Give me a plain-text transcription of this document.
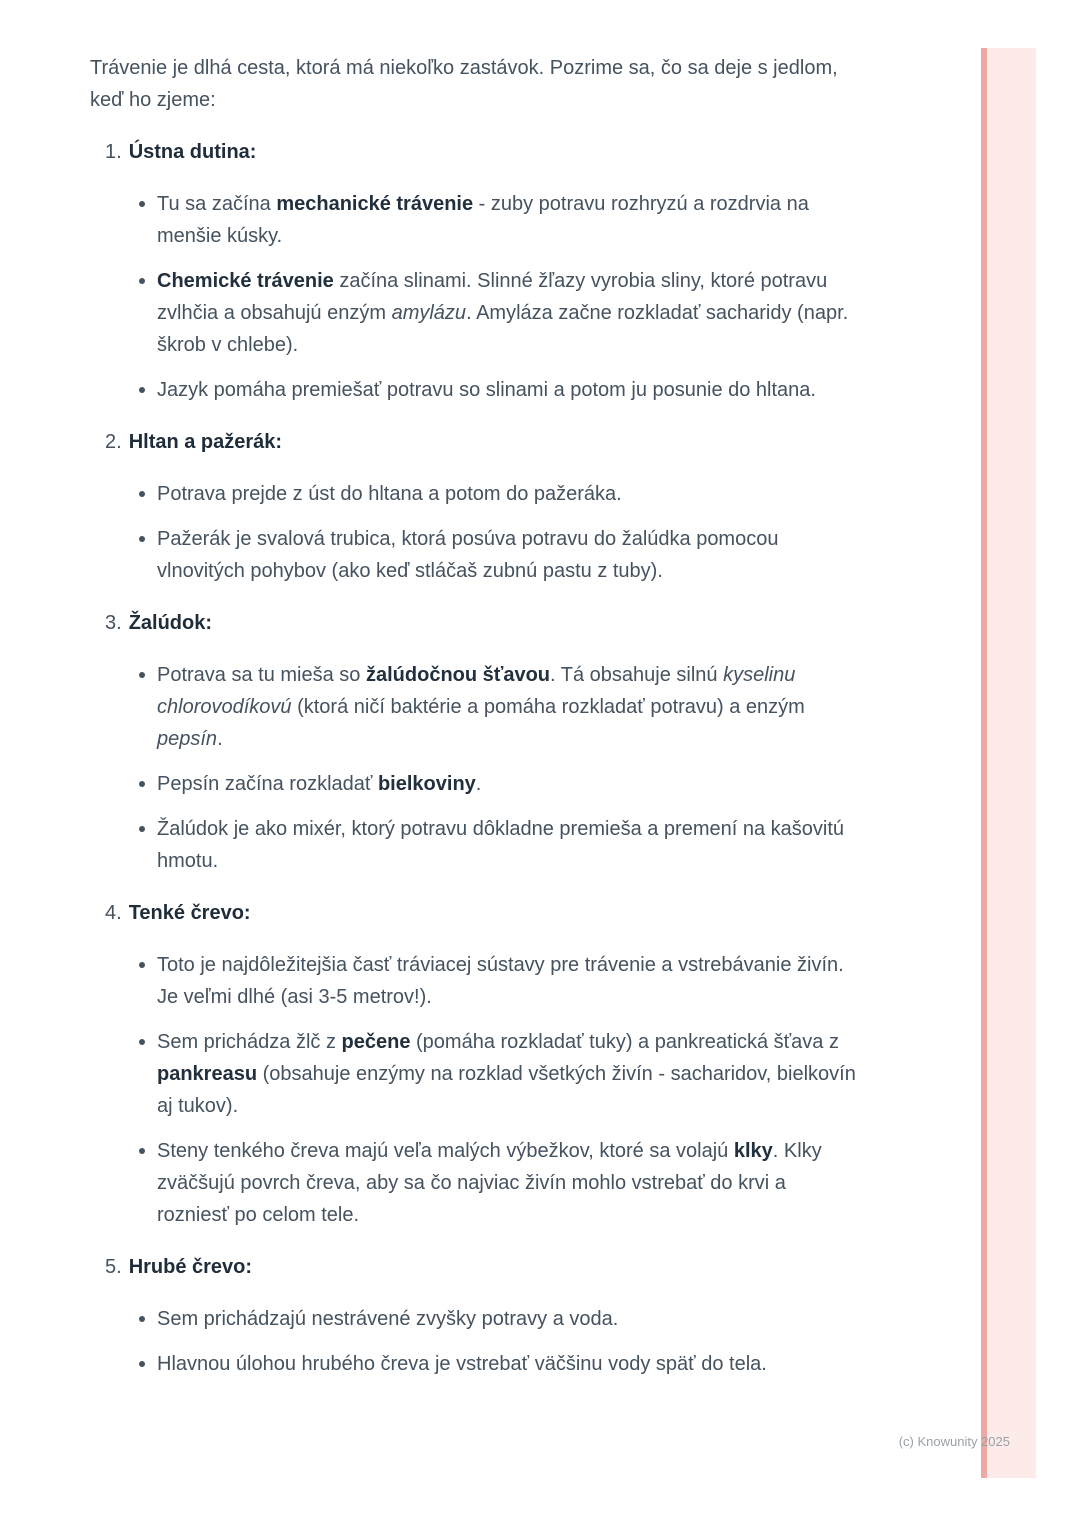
Trávenie je dlhá cesta, ktorá má niekoľko zastávok. Pozrime sa, čo sa deje s jedlom, keď ho zjeme:

1. Ústna dutina:
Tu sa začína mechanické trávenie - zuby potravu rozhryzú a rozdrvia na menšie kúsky.
Chemické trávenie začína slinami. Slinné žľazy vyrobia sliny, ktoré potravu zvlhčia a obsahujú enzým amylázu. Amyláza začne rozkladať sacharidy (napr. škrob v chlebe).
Jazyk pomáha premiešať potravu so slinami a potom ju posunie do hltana.
2. Hltan a pažerák:
Potrava prejde z úst do hltana a potom do pažeráka.
Pažerák je svalová trubica, ktorá posúva potravu do žalúdka pomocou vlnovitých pohybov (ako keď stláčaš zubnú pastu z tuby).
3. Žalúdok:
Potrava sa tu mieša so žalúdočnou šťavou. Tá obsahuje silnú kyselinu chlorovodíkovú (ktorá ničí baktérie a pomáha rozkladať potravu) a enzým pepsín.
Pepsín začína rozkladať bielkoviny.
Žalúdok je ako mixér, ktorý potravu dôkladne premieša a premení na kašovitú hmotu.
4. Tenké črevo:
Toto je najdôležitejšia časť tráviacej sústavy pre trávenie a vstrebávanie živín. Je veľmi dlhé (asi 3-5 metrov!).
Sem prichádza žlč z pečene (pomáha rozkladať tuky) a pankreatická šťava z pankreasu (obsahuje enzýmy na rozklad všetkých živín - sacharidov, bielkovín aj tukov).
Steny tenkého čreva majú veľa malých výbežkov, ktoré sa volajú klky. Klky zväčšujú povrch čreva, aby sa čo najviac živín mohlo vstrebať do krvi a rozniesť po celom tele.
5. Hrubé črevo:
Sem prichádzajú nestrávené zvyšky potravy a voda.
Hlavnou úlohou hrubého čreva je vstrebať väčšinu vody späť do tela.
(c) Knowunity 2025
